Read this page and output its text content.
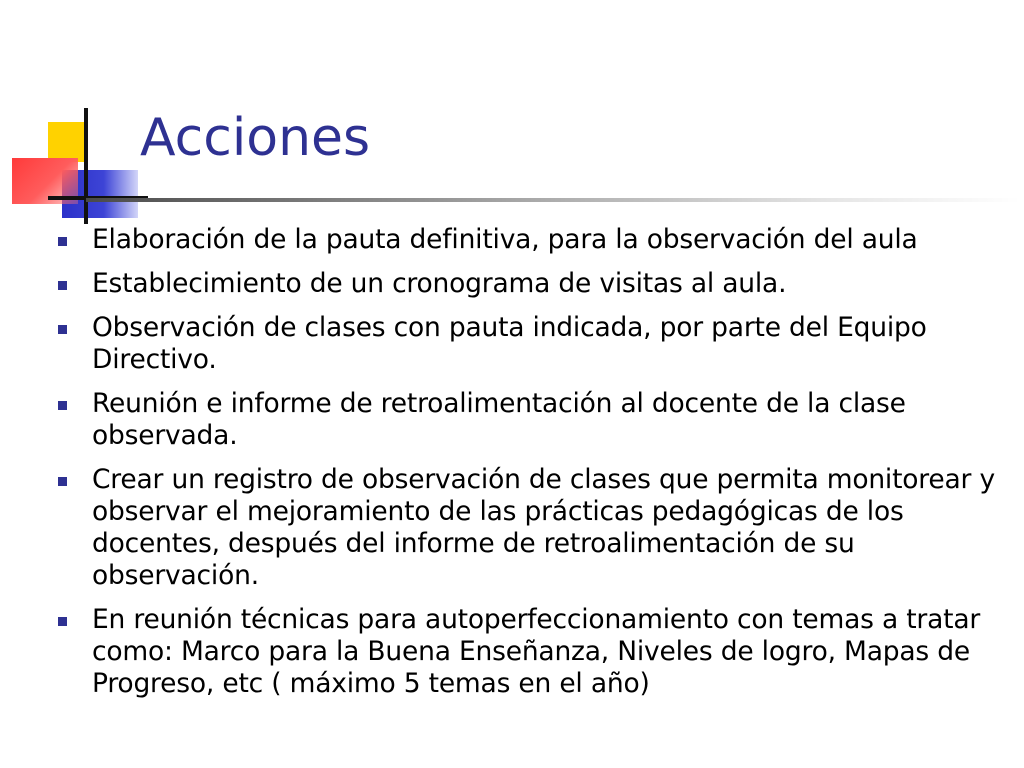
Acciones
Elaboración de la pauta definitiva, para la observación del aula
Establecimiento de un cronograma de visitas al aula.
Observación de clases con pauta indicada, por parte del Equipo Directivo.
Reunión e informe de retroalimentación al docente de la clase observada.
Crear un registro de observación de clases que permita monitorear y observar el mejoramiento de las prácticas pedagógicas de los docentes, después del informe de retroalimentación de su observación.
En reunión técnicas para autoperfeccionamiento con temas a tratar como: Marco para la Buena Enseñanza, Niveles de logro, Mapas de Progreso, etc ( máximo 5 temas en el año)
